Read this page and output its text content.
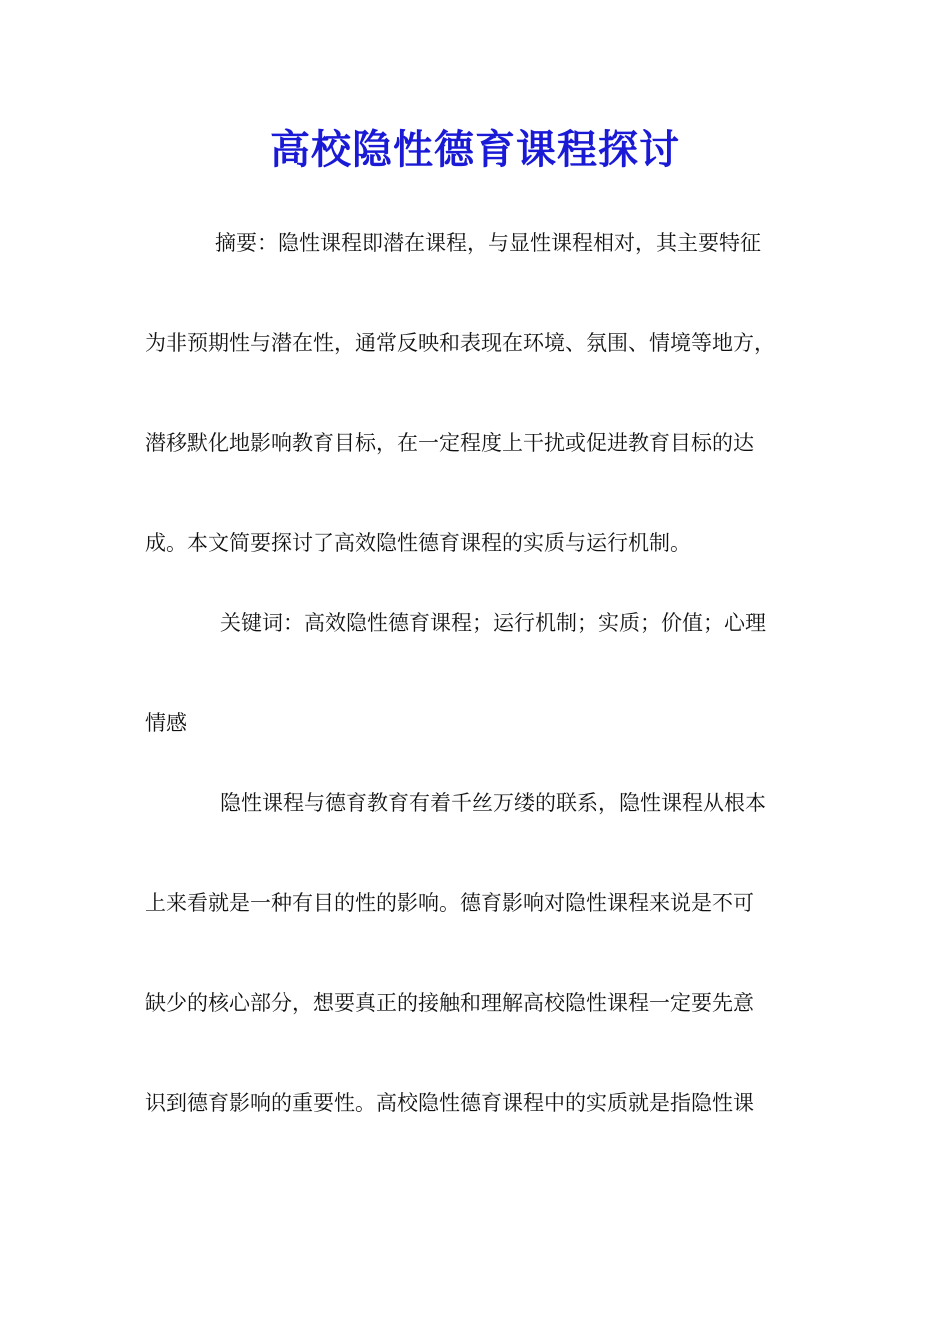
高校隐性德育课程探讨

摘要：隐性课程即潜在课程，与显性课程相对，其主要特征

为非预期性与潜在性，通常反映和表现在环境、氛围、情境等地方，

潜移默化地影响教育目标，在一定程度上干扰或促进教育目标的达

成。本文简要探讨了高效隐性德育课程的实质与运行机制。

关键词：高效隐性德育课程；运行机制；实质；价值；心理

情感

隐性课程与德育教育有着千丝万缕的联系，隐性课程从根本

上来看就是一种有目的性的影响。德育影响对隐性课程来说是不可

缺少的核心部分，想要真正的接触和理解高校隐性课程一定要先意

识到德育影响的重要性。高校隐性德育课程中的实质就是指隐性课
